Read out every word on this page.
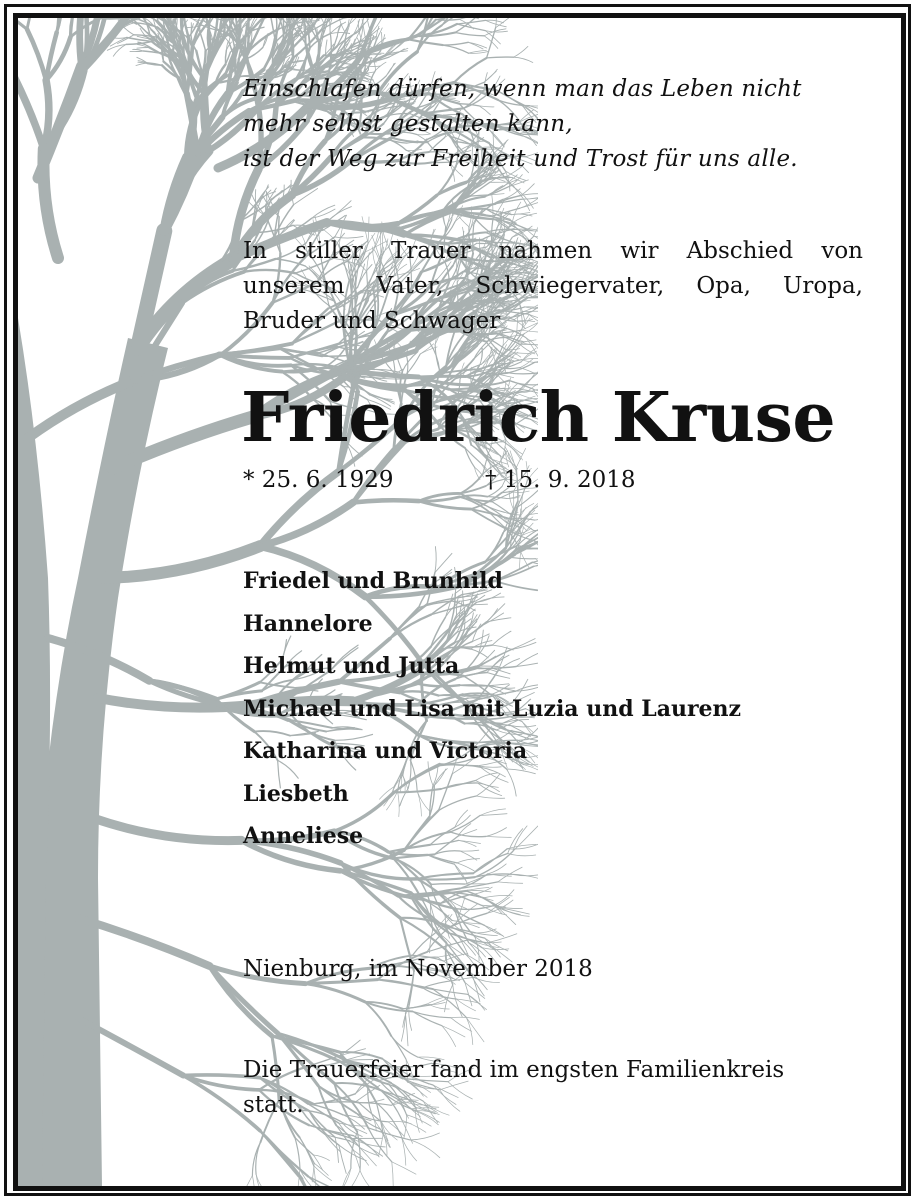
Einschlafen dürfen, wenn man das Leben nicht
mehr selbst gestalten kann,
ist der Weg zur Freiheit und Trost für uns alle.
In stiller Trauer nahmen wir Abschied von
unserem Vater, Schwiegervater, Opa, Uropa,
Bruder und Schwager
Friedrich Kruse
* 25. 6. 1929	† 15. 9. 2018
Friedel und Brunhild
Hannelore
Helmut und Jutta
Michael und Lisa mit Luzia und Laurenz
Katharina und Victoria
Liesbeth
Anneliese
Nienburg, im November 2018
Die Trauerfeier fand im engsten Familienkreis
statt.
